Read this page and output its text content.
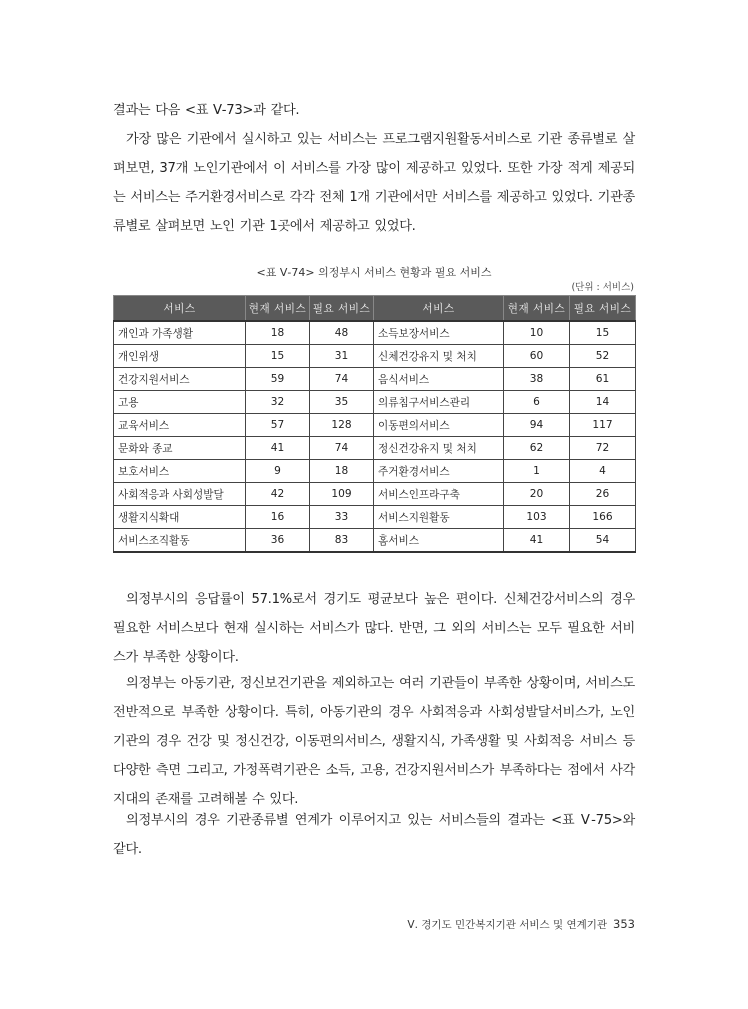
결과는 다음 <표 Ⅴ-73>과 같다.

가장 많은 기관에서 실시하고 있는 서비스는 프로그램지원활동서비스로 기관 종류별로 살펴보면, 37개 노인기관에서 이 서비스를 가장 많이 제공하고 있었다. 또한 가장 적게 제공되는 서비스는 주거환경서비스로 각각 전체 1개 기관에서만 서비스를 제공하고 있었다. 기관종류별로 살펴보면 노인 기관 1곳에서 제공하고 있었다.

<표 Ⅴ-74> 의정부시 서비스 현황과 필요 서비스
(단위 : 서비스)
서비스	현재 서비스	필요 서비스	서비스	현재 서비스	필요 서비스
개인과 가족생활	18	48	소득보장서비스	10	15
개인위생	15	31	신체건강유지 및 처치	60	52
건강지원서비스	59	74	음식서비스	38	61
고용	32	35	의류침구서비스관리	6	14
교육서비스	57	128	이동편의서비스	94	117
문화와 종교	41	74	정신건강유지 및 처치	62	72
보호서비스	9	18	주거환경서비스	1	4
사회적응과 사회성발달	42	109	서비스인프라구축	20	26
생활지식확대	16	33	서비스지원활동	103	166
서비스조직활동	36	83	홈서비스	41	54

의정부시의 응답률이 57.1%로서 경기도 평균보다 높은 편이다. 신체건강서비스의 경우 필요한 서비스보다 현재 실시하는 서비스가 많다. 반면, 그 외의 서비스는 모두 필요한 서비스가 부족한 상황이다.

의정부는 아동기관, 정신보건기관을 제외하고는 여러 기관들이 부족한 상황이며, 서비스도 전반적으로 부족한 상황이다. 특히, 아동기관의 경우 사회적응과 사회성발달서비스가, 노인기관의 경우 건강 및 정신건강, 이동편의서비스, 생활지식, 가족생활 및 사회적응 서비스 등 다양한 측면 그리고, 가정폭력기관은 소득, 고용, 건강지원서비스가 부족하다는 점에서 사각지대의 존재를 고려해볼 수 있다.

의정부시의 경우 기관종류별 연계가 이루어지고 있는 서비스들의 결과는 <표 Ⅴ-75>와 같다.

Ⅴ. 경기도 민간복지기관 서비스 및 연계기관 353
